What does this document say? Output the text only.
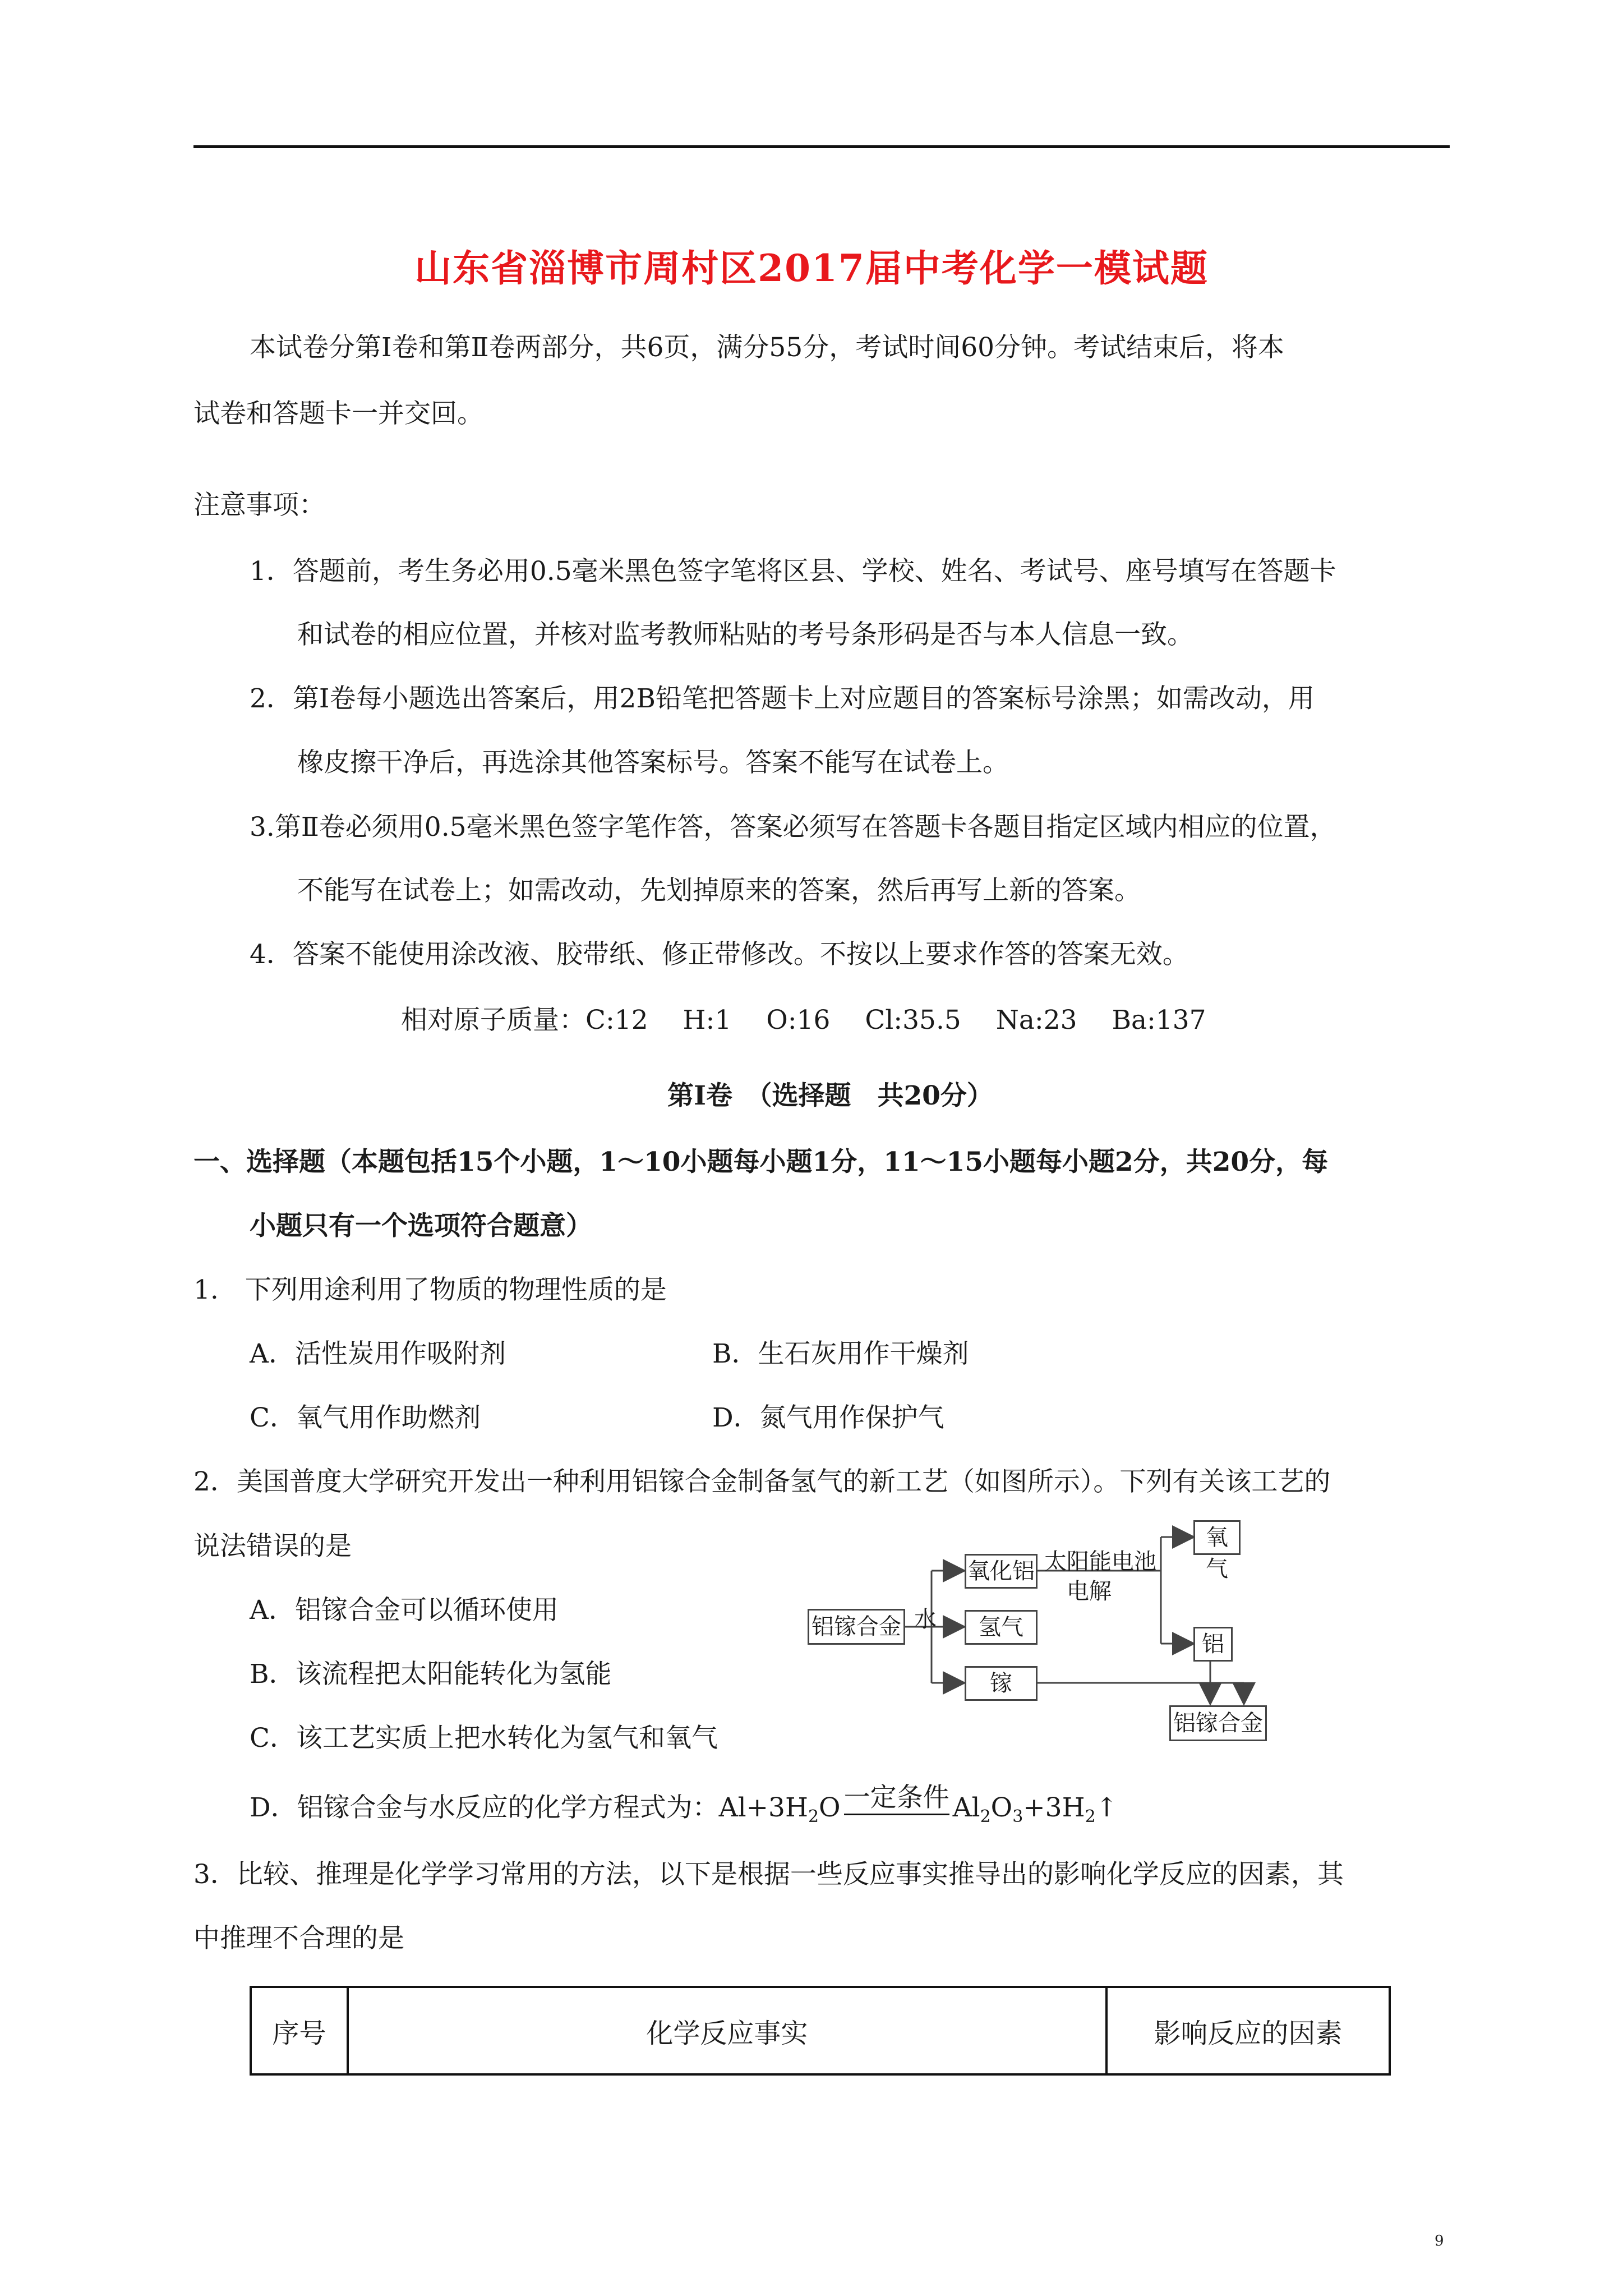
山东省淄博市周村区2017届中考化学一模试题
本试卷分第Ⅰ卷和第Ⅱ卷两部分，共6页，满分55分，考试时间60分钟。考试结束后，将本
试卷和答题卡一并交回。
注意事项：
1．答题前，考生务必用0.5毫米黑色签字笔将区县、学校、姓名、考试号、座号填写在答题卡
和试卷的相应位置，并核对监考教师粘贴的考号条形码是否与本人信息一致。
2．第Ⅰ卷每小题选出答案后，用2B铅笔把答题卡上对应题目的答案标号涂黑；如需改动，用
橡皮擦干净后，再选涂其他答案标号。答案不能写在试卷上。
3.第Ⅱ卷必须用0.5毫米黑色签字笔作答，答案必须写在答题卡各题目指定区域内相应的位置，
不能写在试卷上；如需改动，先划掉原来的答案，然后再写上新的答案。
4．答案不能使用涂改液、胶带纸、修正带修改。不按以上要求作答的答案无效。
相对原子质量：C:12　 H:1　 O:16　 Cl:35.5　 Na:23　 Ba:137
第Ⅰ卷　（选择题　共20分）
一、选择题（本题包括15个小题，1～10小题每小题1分，11～15小题每小题2分，共20分，每
小题只有一个选项符合题意）
1.　下列用途利用了物质的物理性质的是
A．活性炭用作吸附剂	B．生石灰用作干燥剂
C．氧气用作助燃剂	D．氮气用作保护气
2．美国普度大学研究开发出一种利用铝镓合金制备氢气的新工艺（如图所示）。下列有关该工艺的
说法错误的是
A．铝镓合金可以循环使用
B．该流程把太阳能转化为氢能
C．该工艺实质上把水转化为氢气和氧气
D．铝镓合金与水反应的化学方程式为：$Al+3H_2O$ 一定条件 $Al_2O_3+3H_2↑$
铝镓合金 水
氧化铝 太阳能电池
电解
氧气
氢气
铝
镓
铝镓合金
3．比较、推理是化学学习常用的方法，以下是根据一些反应事实推导出的影响化学反应的因素，其
中推理不合理的是
序号	化学反应事实	影响反应的因素
9
